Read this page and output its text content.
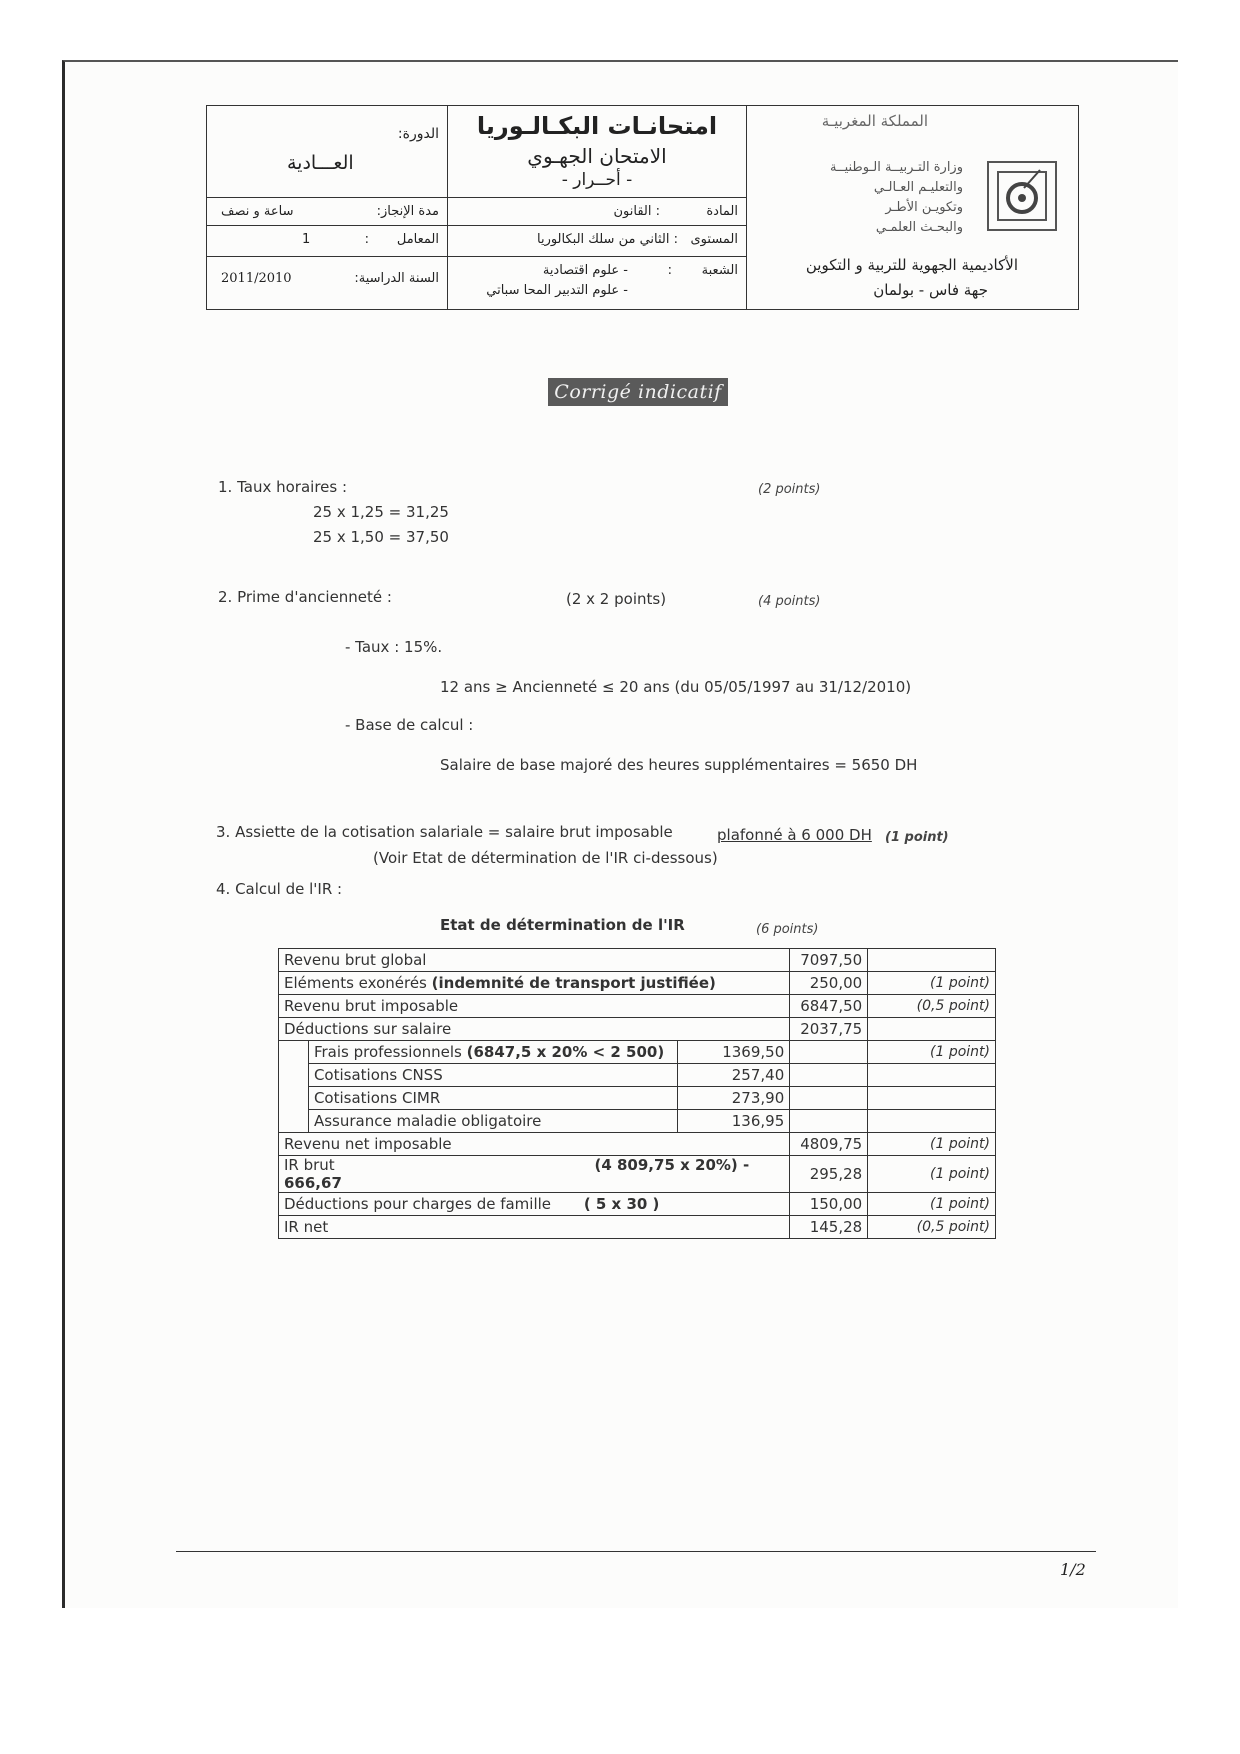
الدورة:
العـــادية
مدة الإنجاز:
ساعة و نصف
المعامل
:
1
السنة الدراسية:
2011/2010
امتحانـات البكـالـوريا
الامتحان الجهـوي
- أحــرار -
المادة
: القانون
المستوى
: الثاني من سلك البكالوريا
الشعبة
:
- علوم اقتصادية
- علوم التدبير المحا سباتي
المملكة المغربيـة
وزارة التـربيــة الـوطنيــة
والتعليـم العـالـي
وتكويـن الأطـر
والبحـث العلمـي
الأكاديمية الجهوية للتربية و التكوين
جهة فاس - بولمان
Corrigé indicatif
1. Taux horaires :	(2 points)
25 x 1,25 = 31,25
25 x 1,50 = 37,50
2. Prime d'ancienneté :	(2 x 2 points)	(4 points)
- Taux : 15%.
12 ans ≥ Ancienneté ≤ 20 ans (du 05/05/1997 au 31/12/2010)
- Base de calcul :
Salaire de base majoré des heures supplémentaires = 5650 DH
3. Assiette de la cotisation salariale = salaire brut imposable	plafonné à 6 000 DH (1 point)
(Voir Etat de détermination de l'IR ci-dessous)
4. Calcul de l'IR :
Etat de détermination de l'IR	(6 points)
Revenu brut global			7097,50	
Eléments exonérés (indemnité de transport justifiée)			250,00	(1 point)
Revenu brut imposable			6847,50	(0,5 point)
Déductions sur salaire			2037,75	
	Frais professionnels (6847,5 x 20% < 2 500)	1369,50		(1 point)
	Cotisations CNSS	257,40		
	Cotisations CIMR	273,90		
	Assurance maladie obligatoire	136,95		
Revenu net imposable			4809,75	(1 point)
IR brut (4 809,75 x 20%) - 666,67			295,28	(1 point)
Déductions pour charges de famille ( 5 x 30 )			150,00	(1 point)
IR net			145,28	(0,5 point)
1/2
